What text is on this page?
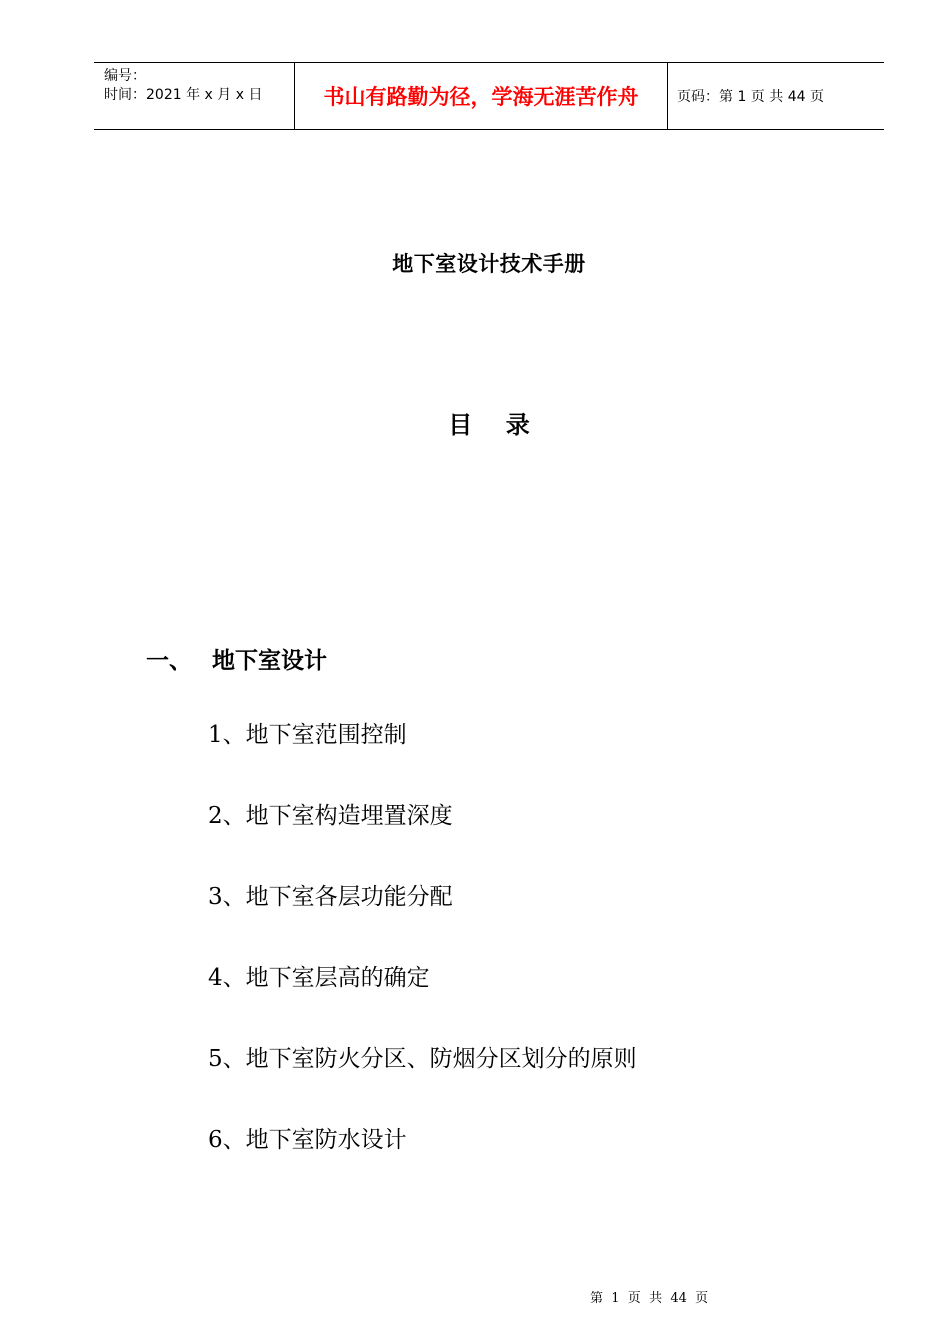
编号：
时间：2021 年 x 月 x 日	书山有路勤为径，学海无涯苦作舟	页码：第 1 页 共 44 页
地下室设计技术手册
目    录
一、 地下室设计
1、地下室范围控制
2、地下室构造埋置深度
3、地下室各层功能分配
4、地下室层高的确定
5、地下室防火分区、防烟分区划分的原则
6、地下室防水设计
第  1  页  共  44  页
